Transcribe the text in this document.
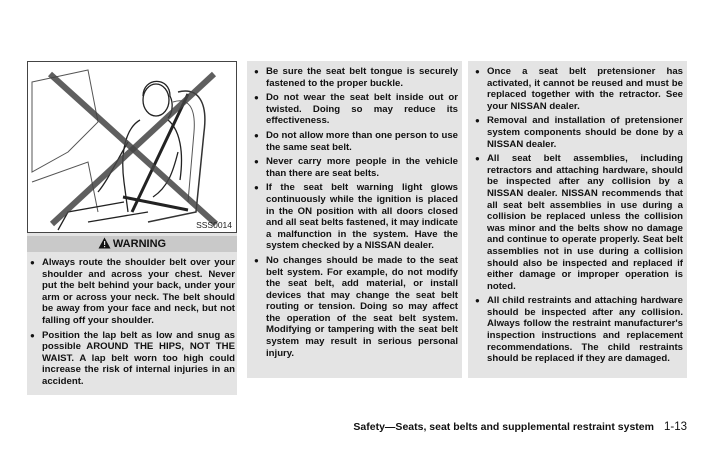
SSS0014
WARNING
● Always route the shoulder belt over your shoulder and across your chest. Never put the belt behind your back, under your arm or across your neck. The belt should be away from your face and neck, but not falling off your shoulder.
● Position the lap belt as low and snug as possible AROUND THE HIPS, NOT THE WAIST. A lap belt worn too high could increase the risk of internal injuries in an accident.
● Be sure the seat belt tongue is securely fastened to the proper buckle.
● Do not wear the seat belt inside out or twisted. Doing so may reduce its effectiveness.
● Do not allow more than one person to use the same seat belt.
● Never carry more people in the vehicle than there are seat belts.
● If the seat belt warning light glows continuously while the ignition is placed in the ON position with all doors closed and all seat belts fastened, it may indicate a malfunction in the system. Have the system checked by a NISSAN dealer.
● No changes should be made to the seat belt system. For example, do not modify the seat belt, add material, or install devices that may change the seat belt routing or tension. Doing so may affect the operation of the seat belt system. Modifying or tampering with the seat belt system may result in serious personal injury.
● Once a seat belt pretensioner has activated, it cannot be reused and must be replaced together with the retractor. See your NISSAN dealer.
● Removal and installation of pretensioner system components should be done by a NISSAN dealer.
● All seat belt assemblies, including retractors and attaching hardware, should be inspected after any collision by a NISSAN dealer. NISSAN recommends that all seat belt assemblies in use during a collision be replaced unless the collision was minor and the belts show no damage and continue to operate properly. Seat belt assemblies not in use during a collision should also be inspected and replaced if either damage or improper operation is noted.
● All child restraints and attaching hardware should be inspected after any collision. Always follow the restraint manufacturer's inspection instructions and replacement recommendations. The child restraints should be replaced if they are damaged.
Safety—Seats, seat belts and supplemental restraint system 1-13
